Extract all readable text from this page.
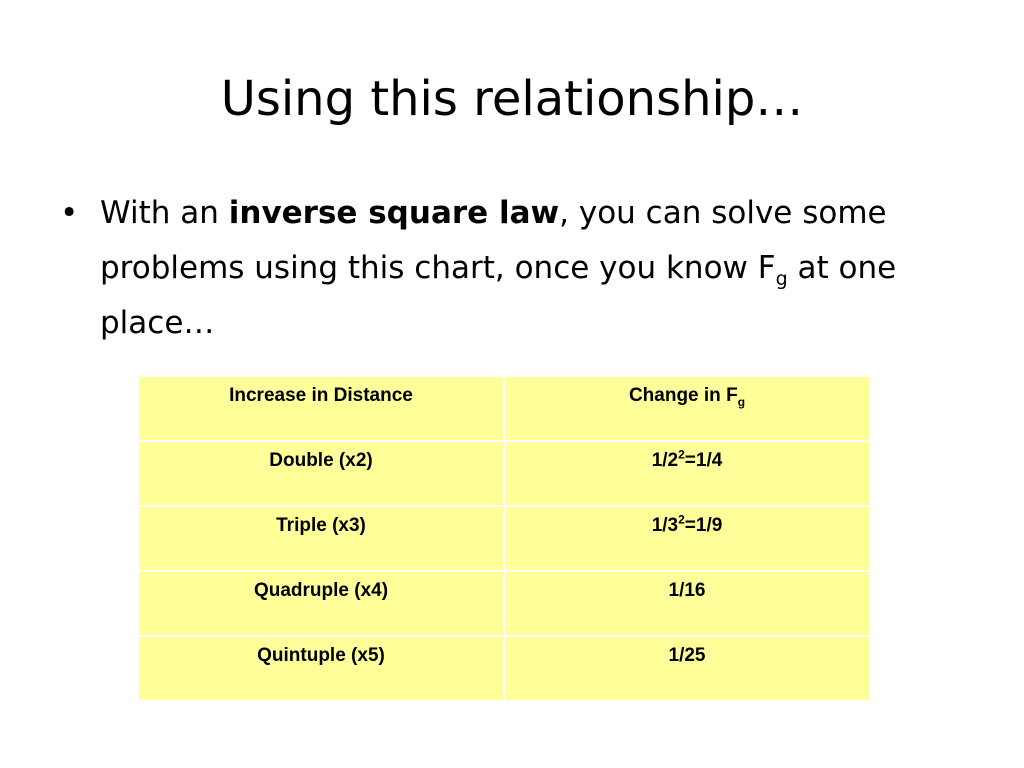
Using this relationship…
• With an inverse square law, you can solve some problems using this chart, once you know $F_g$ at one place…
Increase in Distance	Change in $F_g$
Double (x2)	$1/2^2=1/4$
Triple (x3)	$1/3^2=1/9$
Quadruple (x4)	1/16
Quintuple (x5)	1/25
